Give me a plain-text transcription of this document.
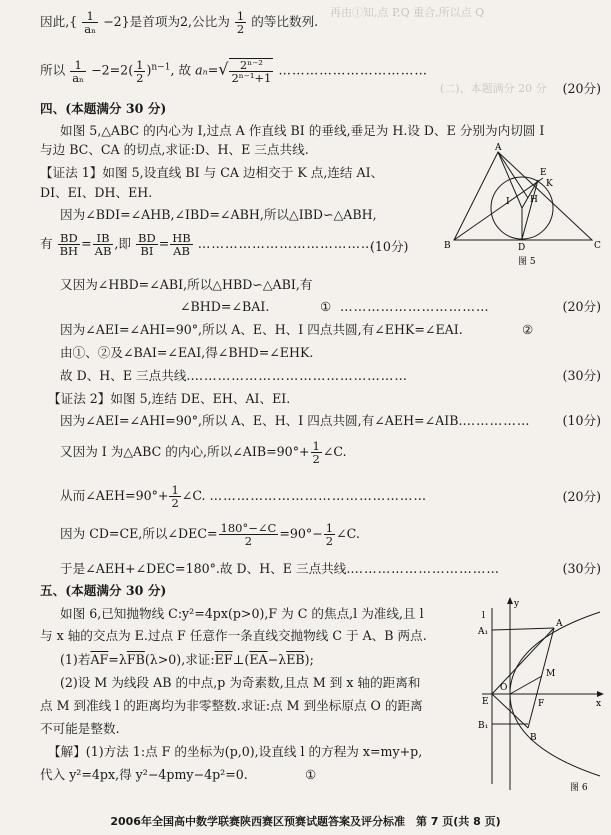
再由①知,点 P,Q 重合,所以点 Q
(二)、本题满分 20 分
因此,{ $\frac{1}{\text{aₙ}} -2$}是首项为2,公比为 $\frac{1}{2}$ 的等比数列.
所以 $\frac{1}{\text{aₙ}} -2=2( \frac{1}{2} )^{n-1}$, 故 $a_n=√ \frac{\text{2ⁿ⁻²}}{\text{2ⁿ⁻¹+1}}$ ……………………………
(20分)
四、(本题满分 30 分)
如图 5,△ABC 的内心为 I,过点 A 作直线 BI 的垂线,垂足为 H.设 D、E 分别为内切圆 I
与边 BC、CA 的切点,求证:D、H、E 三点共线.
【证法 1】如图 5,设直线 BI 与 CA 边相交于 K 点,连结 AI、
DI、EI、DH、EH.
因为∠BDI=∠AHB,∠IBD=∠ABH,所以△IBD∽△ABH,
有 $\frac{BD}{BH} = \frac{IB}{AB}$ ,即 $\frac{BD}{BI} = \frac{HB}{AB}$ …………………………………
(10分)
又因为∠HBD=∠ABI,所以△HBD∽△ABI,有
∠BHD=∠BAI.	① ……………………………	(20分)
因为∠AEI=∠AHI=90°,所以 A、E、H、I 四点共圆,有∠EHK=∠EAI.	②
由①、②及∠BAI=∠EAI,得∠BHD=∠EHK.
故 D、H、E 三点共线.…………………………………………	(30分)
【证法 2】如图 5,连结 DE、EH、AI、EI.
因为∠AEI=∠AHI=90°,所以 A、E、H、I 四点共圆,有∠AEH=∠AIB.……………	(10分)
又因为 I 为△ABC 的内心,所以∠AIB=90°+ $\frac{1}{2}$ ∠C.
从而∠AEH=90°+ $\frac{1}{2}$ ∠C. …………………………………………	(20分)
因为 CD=CE,所以∠DEC= $\frac{180^\circ-\angle C}{2} =90^\circ- \frac{1}{2}$ ∠C.
于是∠AEH+∠DEC=180°.故 D、H、E 三点共线.……………………………	(30分)
五、(本题满分 30 分)
如图 6,已知抛物线 C:y²=4px(p>0),F 为 C 的焦点,l 为准线,且 l
与 x 轴的交点为 E.过点 F 任意作一条直线交抛物线 C 于 A、B 两点.
(1)若$\overline{AF}=\lambda\overline{FB}(\lambda>0)$,求证$:\overline{EF}\perp(\overline{EA}-\lambda\overline{EB})$;
(2)设 M 为线段 AB 的中点,p 为奇素数,且点 M 到 x 轴的距离和
点 M 到准线 l 的距离均为非零整数.求证:点 M 到坐标原点 O 的距离
不可能是整数.
【解】(1)方法 1:点 F 的坐标为(p,0),设直线 l 的方程为 x=my+p,
代入 y²=4px,得 y²−4pmy−4p²=0.	①
A
E
K
I H
B	D	C
图 5
y
l
A
A₁
M
O
E	F
B₁
B
x
图 6
2006年全国高中数学联赛陕西赛区预赛试题答案及评分标准　第 7 页(共 8 页)
